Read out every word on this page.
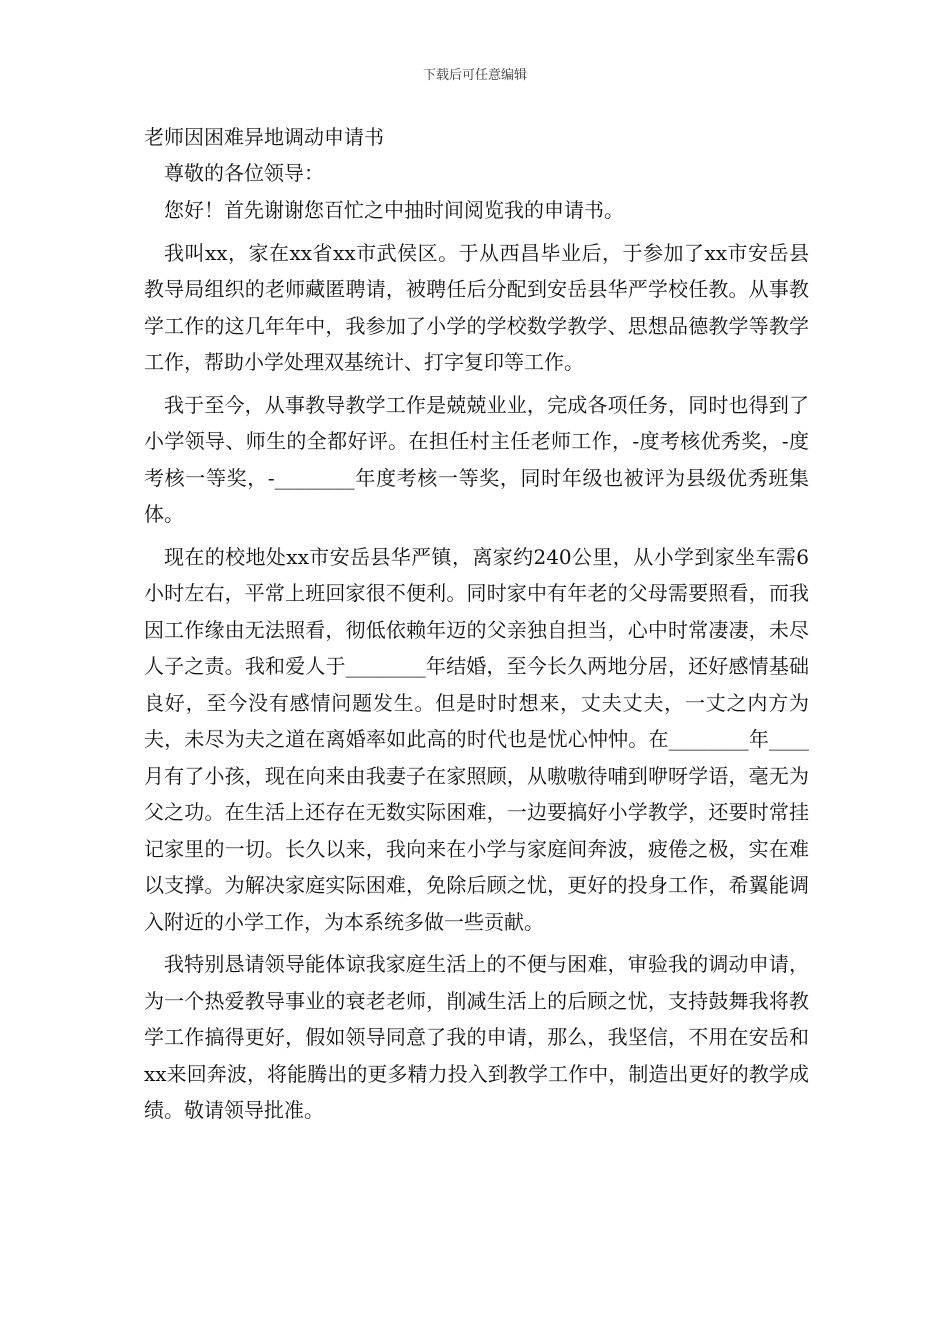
下载后可任意编辑

老师因困难异地调动申请书

尊敬的各位领导：

您好！首先谢谢您百忙之中抽时间阅览我的申请书。

我叫xx，家在xx省xx市武侯区。于从西昌毕业后，于参加了xx市安岳县教导局组织的老师藏匿聘请，被聘任后分配到安岳县华严学校任教。从事教学工作的这几年年中，我参加了小学的学校数学教学、思想品德教学等教学工作，帮助小学处理双基统计、打字复印等工作。

我于至今，从事教导教学工作是兢兢业业，完成各项任务，同时也得到了小学领导、师生的全都好评。在担任村主任老师工作，-度考核优秀奖，-度考核一等奖，-________年度考核一等奖，同时年级也被评为县级优秀班集体。

现在的校地处xx市安岳县华严镇，离家约240公里，从小学到家坐车需6小时左右，平常上班回家很不便利。同时家中有年老的父母需要照看，而我因工作缘由无法照看，彻低依赖年迈的父亲独自担当，心中时常凄凄，未尽人子之责。我和爱人于________年结婚，至今长久两地分居，还好感情基础良好，至今没有感情问题发生。但是时时想来，丈夫丈夫，一丈之内方为夫，未尽为夫之道在离婚率如此高的时代也是忧心忡忡。在________年____月有了小孩，现在向来由我妻子在家照顾，从嗷嗷待哺到咿呀学语，毫无为父之功。在生活上还存在无数实际困难，一边要搞好小学教学，还要时常挂记家里的一切。长久以来，我向来在小学与家庭间奔波，疲倦之极，实在难以支撑。为解决家庭实际困难，免除后顾之忧，更好的投身工作，希翼能调入附近的小学工作，为本系统多做一些贡献。

我特别恳请领导能体谅我家庭生活上的不便与困难，审验我的调动申请，为一个热爱教导事业的衰老老师，削减生活上的后顾之忧，支持鼓舞我将教学工作搞得更好，假如领导同意了我的申请，那么，我坚信，不用在安岳和xx来回奔波，将能腾出的更多精力投入到教学工作中，制造出更好的教学成绩。敬请领导批准。
